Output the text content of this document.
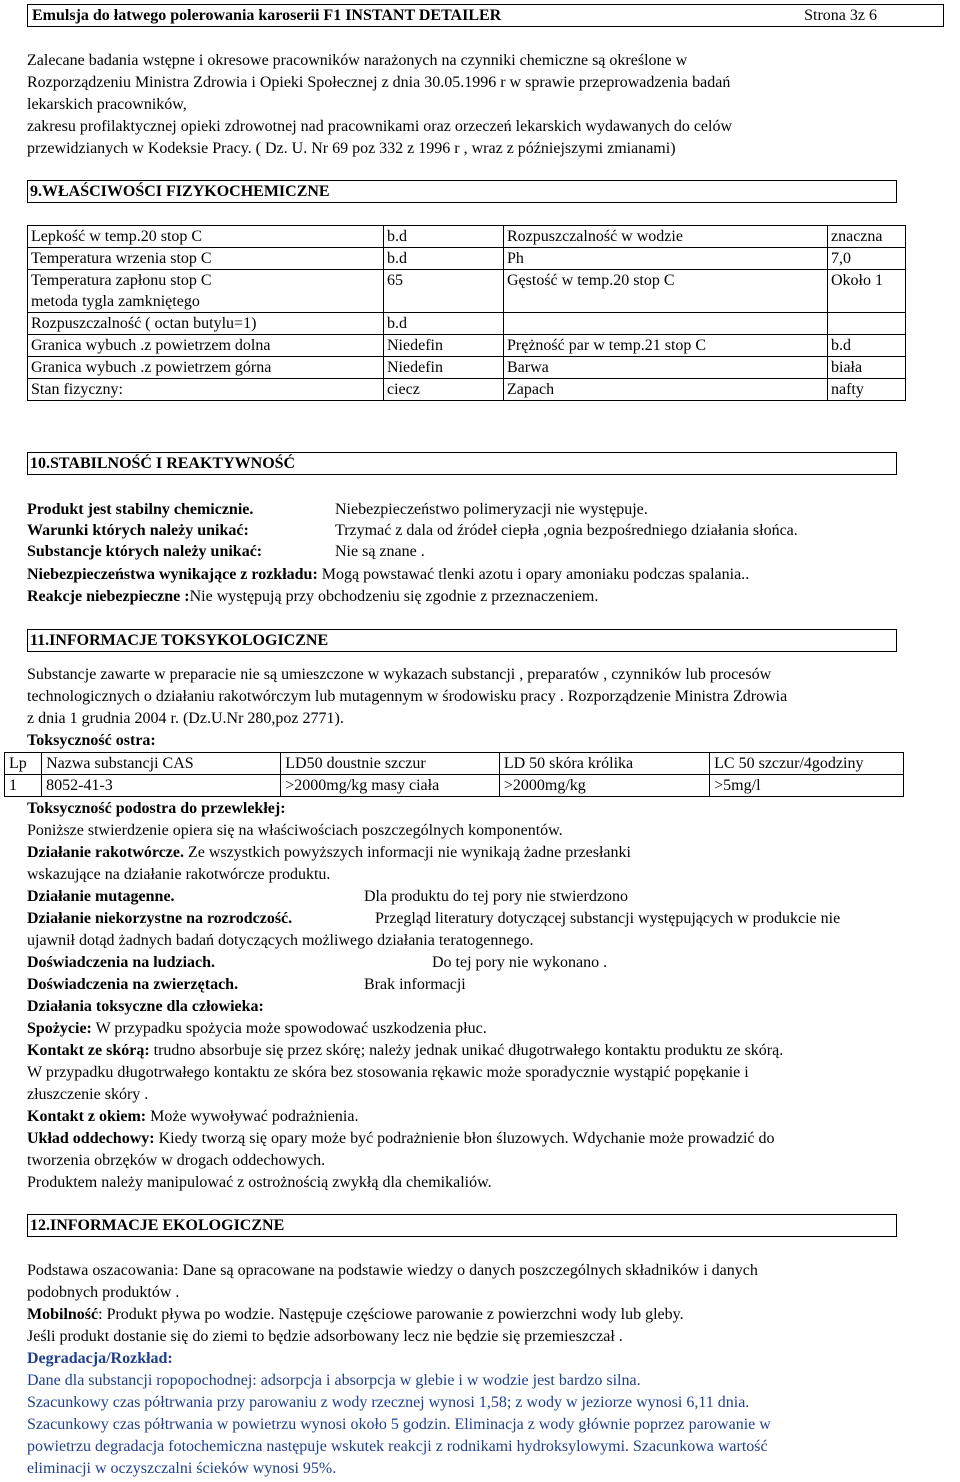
Emulsja do łatwego polerowania karoserii F1 INSTANT DETAILER	Strona 3z 6
Zalecane badania wstępne i okresowe pracowników narażonych na czynniki chemiczne są określone w
Rozporządzeniu Ministra Zdrowia i Opieki Społecznej z dnia 30.05.1996 r w sprawie przeprowadzenia badań
lekarskich pracowników,
zakresu profilaktycznej opieki zdrowotnej nad pracownikami oraz orzeczeń lekarskich wydawanych do celów
przewidzianych w Kodeksie Pracy. ( Dz. U. Nr 69 poz 332 z 1996 r , wraz z późniejszymi zmianami)
9.WŁAŚCIWOŚCI FIZYKOCHEMICZNE
Lepkość w temp.20 stop C	b.d	Rozpuszczalność w wodzie	znaczna
Temperatura wrzenia stop C	b.d	Ph	7,0
Temperatura zapłonu stop C	65	Gęstość w temp.20 stop C	Około 1
metoda tygla zamkniętego			
Rozpuszczalność ( octan butylu=1)	b.d		
Granica wybuch .z powietrzem dolna	Niedefin	Prężność par w temp.21 stop C	b.d
Granica wybuch .z powietrzem górna	Niedefin	Barwa	biała
Stan fizyczny:	ciecz	Zapach	nafty
10.STABILNOŚĆ I REAKTYWNOŚĆ
Produkt jest stabilny chemicznie.	Niebezpieczeństwo polimeryzacji nie występuje.
Warunki których należy unikać:	Trzymać z dala od źródeł ciepła ,ognia bezpośredniego działania słońca.
Substancje których należy unikać:	Nie są znane .
Niebezpieczeństwa wynikające z rozkładu: Mogą powstawać tlenki azotu i opary amoniaku podczas spalania..
Reakcje niebezpieczne :Nie występują przy obchodzeniu się zgodnie z przeznaczeniem.
11.INFORMACJE TOKSYKOLOGICZNE
Substancje zawarte w preparacie nie są umieszczone w wykazach substancji , preparatów , czynników lub procesów
technologicznych o działaniu rakotwórczym lub mutagennym w środowisku pracy . Rozporządzenie Ministra Zdrowia
z dnia 1 grudnia 2004 r. (Dz.U.Nr 280,poz 2771).
Toksyczność ostra:
Lp	Nazwa substancji CAS	LD50 doustnie szczur	LD 50 skóra królika	LC 50 szczur/4godziny
1	8052-41-3	>2000mg/kg masy ciała	>2000mg/kg	>5mg/l
Toksyczność podostra do przewlekłej:
Poniższe stwierdzenie opiera się na właściwościach poszczególnych komponentów.
Działanie rakotwórcze. Ze wszystkich powyższych informacji nie wynikają żadne przesłanki
wskazujące na działanie rakotwórcze produktu.
Działanie mutagenne.	Dla produktu do tej pory nie stwierdzono
Działanie niekorzystne na rozrodczość.	Przegląd literatury dotyczącej substancji występujących w produkcie nie
ujawnił dotąd żadnych badań dotyczących możliwego działania teratogennego.
Doświadczenia na ludziach.	Do tej pory nie wykonano .
Doświadczenia na zwierzętach.	Brak informacji
Działania toksyczne dla człowieka:
Spożycie: W przypadku spożycia może spowodować uszkodzenia płuc.
Kontakt ze skórą: trudno absorbuje się przez skórę; należy jednak unikać długotrwałego kontaktu produktu ze skórą.
W przypadku długotrwałego kontaktu ze skóra bez stosowania rękawic może sporadycznie wystąpić popękanie i
złuszczenie skóry .
Kontakt z okiem: Może wywoływać podrażnienia.
Układ oddechowy: Kiedy tworzą się opary może być podrażnienie błon śluzowych. Wdychanie może prowadzić do
tworzenia obrzęków w drogach oddechowych.
Produktem należy manipulować z ostrożnością zwykłą dla chemikaliów.
12.INFORMACJE EKOLOGICZNE
Podstawa oszacowania: Dane są opracowane na podstawie wiedzy o danych poszczególnych składników i danych
podobnych produktów .
Mobilność: Produkt pływa po wodzie. Następuje częściowe parowanie z powierzchni wody lub gleby.
Jeśli produkt dostanie się do ziemi to będzie adsorbowany lecz nie będzie się przemieszczał .
Degradacja/Rozkład:
Dane dla substancji ropopochodnej: adsorpcja i absorpcja w glebie i w wodzie jest bardzo silna.
Szacunkowy czas półtrwania przy parowaniu z wody rzecznej wynosi 1,58; z wody w jeziorze wynosi 6,11 dnia.
Szacunkowy czas półtrwania w powietrzu wynosi około 5 godzin. Eliminacja z wody głównie poprzez parowanie w
powietrzu degradacja fotochemiczna następuje wskutek reakcji z rodnikami hydroksylowymi. Szacunkowa wartość
eliminacji w oczyszczalni ścieków wynosi 95%.
